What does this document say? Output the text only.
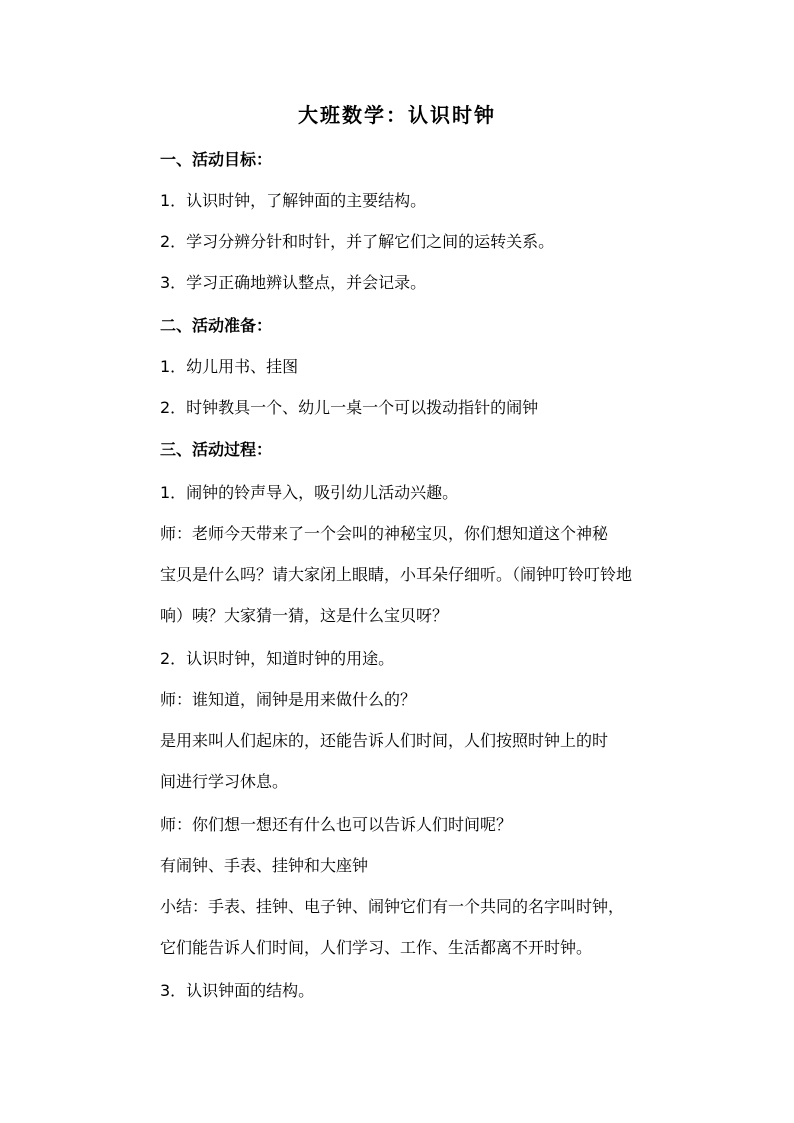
大班数学：认识时钟
一、活动目标：
1．认识时钟，了解钟面的主要结构。
2．学习分辨分针和时针，并了解它们之间的运转关系。
3．学习正确地辨认整点，并会记录。
二、活动准备：
1．幼儿用书、挂图
2．时钟教具一个、幼儿一桌一个可以拨动指针的闹钟
三、活动过程：
1．闹钟的铃声导入，吸引幼儿活动兴趣。
师：老师今天带来了一个会叫的神秘宝贝，你们想知道这个神秘
宝贝是什么吗？请大家闭上眼睛，小耳朵仔细听。（闹钟叮铃叮铃地
响）咦？大家猜一猜，这是什么宝贝呀？
2．认识时钟，知道时钟的用途。
师：谁知道，闹钟是用来做什么的？
是用来叫人们起床的，还能告诉人们时间，人们按照时钟上的时
间进行学习休息。
师：你们想一想还有什么也可以告诉人们时间呢？
有闹钟、手表、挂钟和大座钟
小结：手表、挂钟、电子钟、闹钟它们有一个共同的名字叫时钟，
它们能告诉人们时间，人们学习、工作、生活都离不开时钟。
3．认识钟面的结构。
